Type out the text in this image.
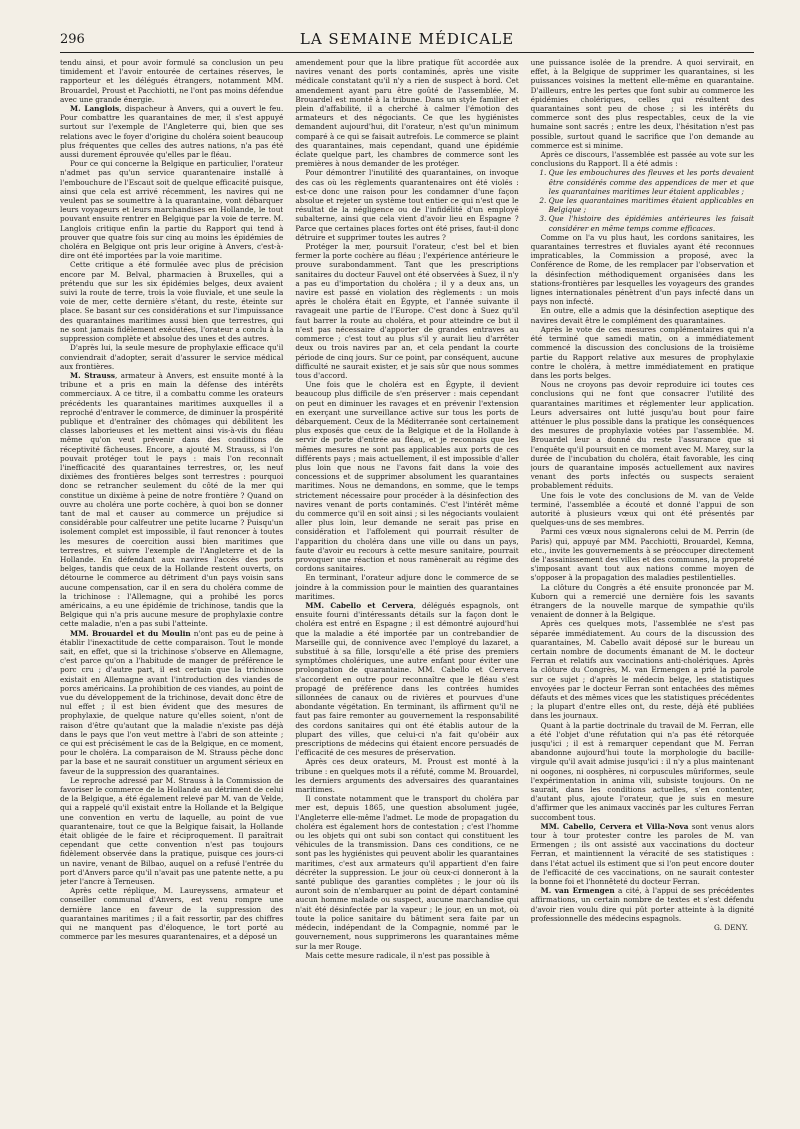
296	LA SEMAINE MÉDICALE

tendu ainsi, et pour avoir formulé sa conclusion un peu timidement et l'avoir entourée de certaines réserves, le rapporteur et les délégués étrangers, notamment MM. Brouardel, Proust et Pacchiotti, ne l'ont pas moins défendue avec une grande énergie.

M. Langlois, dispacheur à Anvers, qui a ouvert le feu. Pour combattre les quarantaines de mer, il s'est appuyé surtout sur l'exemple de l'Angleterre qui, bien que ses relations avec le foyer d'origine du choléra soient beaucoup plus fréquentes que celles des autres nations, n'a pas été aussi durement éprouvée qu'elles par le fléau.

Pour ce qui concerne la Belgique en particulier, l'orateur n'admet pas qu'un service quarantenaire installé à l'embouchure de l'Escaut soit de quelque efficacité puisque, ainsi que cela est arrivé récemment, les navires qui ne veulent pas se soumettre à la quarantaine, vont débarquer leurs voyageurs et leurs marchandises en Hollande, le tout pouvant ensuite rentrer en Belgique par la voie de terre. M. Langlois critique enfin la partie du Rapport qui tend à prouver que quatre fois sur cinq au moins les épidémies de choléra en Belgique ont pris leur origine à Anvers, c'est-à-dire ont été importées par la voie maritime.

Cette critique a été formulée avec plus de précision encore par M. Belval, pharmacien à Bruxelles, qui a prétendu que sur les six épidémies belges, deux avaient suivi la route de terre, trois la voie fluviale, et une seule la voie de mer, cette dernière s'étant, du reste, éteinte sur place. Se basant sur ces considérations et sur l'impuissance des quarantaines maritimes aussi bien que terrestres, qui ne sont jamais fidèlement exécutées, l'orateur a conclu à la suppression complète et absolue des unes et des autres.

D'après lui, la seule mesure de prophylaxie efficace qu'il conviendrait d'adopter, serait d'assurer le service médical aux frontières.

M. Strauss, armateur à Anvers, est ensuite monté à la tribune et a pris en main la défense des intérêts commerciaux. A ce titre, il a combattu comme les orateurs précédents les quarantaines maritimes auxquelles il a reproché d'entraver le commerce, de diminuer la prospérité publique et d'entraîner des chômages qui débilitent les classes laborieuses et les mettent ainsi vis-à-vis du fléau même qu'on veut prévenir dans des conditions de réceptivité fâcheuses. Encore, a ajouté M. Strauss, si l'on pouvait protéger tout le pays : mais l'on reconnaît l'inefficacité des quarantaines terrestres, or, les neuf dixièmes des frontières belges sont terrestres : pourquoi donc se retrancher seulement du côté de la mer qui constitue un dixième à peine de notre frontière ? Quand on ouvre au choléra une porte cochère, à quoi bon se donner tant de mal et causer au commerce un préjudice si considérable pour calfeutrer une petite lucarne ? Puisqu'un isolement complet est impossible, il faut renoncer à toutes les mesures de coercition aussi bien maritimes que terrestres, et suivre l'exemple de l'Angleterre et de la Hollande. En défendant aux navires l'accès des ports belges, tandis que ceux de la Hollande restent ouverts, on détourne le commerce au détriment d'un pays voisin sans aucune compensation, car il en sera du choléra comme de la trichinose : l'Allemagne, qui a prohibé les porcs américains, a eu une épidémie de trichinose, tandis que la Belgique qui n'a pris aucune mesure de prophylaxie contre cette maladie, n'en a pas subi l'atteinte.

MM. Brouardel et du Moulin n'ont pas eu de peine à établir l'inexactitude de cette comparaison. Tout le monde sait, en effet, que si la trichinose s'observe en Allemagne, c'est parce qu'on a l'habitude de manger de préférence le porc cru ; d'autre part, il est certain que la trichinose existait en Allemagne avant l'introduction des viandes de porcs américains. La prohibition de ces viandes, au point de vue du développement de la trichinose, devait donc être de nul effet ; il est bien évident que des mesures de prophylaxie, de quelque nature qu'elles soient, n'ont de raison d'être qu'autant que la maladie n'existe pas déjà dans le pays que l'on veut mettre à l'abri de son atteinte ; ce qui est précisément le cas de la Belgique, en ce moment, pour le choléra. La comparaison de M. Strauss pèche donc par la base et ne saurait constituer un argument sérieux en faveur de la suppression des quarantaines.

Le reproche adressé par M. Strauss à la Commission de favoriser le commerce de la Hollande au détriment de celui de la Belgique, a été également relevé par M. van de Velde, qui a rappelé qu'il existait entre la Hollande et la Belgique une convention en vertu de laquelle, au point de vue quarantenaire, tout ce que la Belgique faisait, la Hollande était obligée de le faire et réciproquement. Il paraîtrait cependant que cette convention n'est pas toujours fidèlement observée dans la pratique, puisque ces jours-ci un navire, venant de Bilbao, auquel on a refusé l'entrée du port d'Anvers parce qu'il n'avait pas une patente nette, a pu jeter l'ancre à Terneusen.

Après cette réplique, M. Laureyssens, armateur et conseiller communal d'Anvers, est venu rompre une dernière lance en faveur de la suppression des quarantaines maritimes ; il a fait ressortir, par des chiffres qui ne manquent pas d'éloquence, le tort porté au commerce par les mesures quarantenaires, et a déposé un

amendement pour que la libre pratique fût accordée aux navires venant des ports contaminés, après une visite médicale constatant qu'il n'y a rien de suspect à bord. Cet amendement ayant paru être goûté de l'assemblée, M. Brouardel est monté à la tribune. Dans un style familier et plein d'affabilité, il a cherché à calmer l'émotion des armateurs et des négociants. Ce que les hygiénistes demandent aujourd'hui, dit l'orateur, n'est qu'un minimum comparé à ce qui se faisait autrefois. Le commerce se plaint des quarantaines, mais cependant, quand une épidémie éclate quelque part, les chambres de commerce sont les premières à nous demander de les protéger.

Pour démontrer l'inutilité des quarantaines, on invoque des cas où les règlements quarantenaires ont été violés : est-ce donc une raison pour les condamner d'une façon absolue et rejeter un système tout entier ce qui n'est que le résultat de la négligence ou de l'infidélité d'un employé subalterne, ainsi que cela vient d'avoir lieu en Espagne ? Parce que certaines places fortes ont été prises, faut-il donc détruire et supprimer toutes les autres ?

Protéger la mer, poursuit l'orateur, c'est bel et bien fermer la porte cochère au fléau ; l'expérience antérieure le prouve surabondamment. Tant que les prescriptions sanitaires du docteur Fauvel ont été observées à Suez, il n'y a pas eu d'importation du choléra ; il y a deux ans, un navire est passé en violation des règlements : un mois après le choléra était en Égypte, et l'année suivante il ravageait une partie de l'Europe. C'est donc à Suez qu'il faut barrer la route au choléra, et pour atteindre ce but il n'est pas nécessaire d'apporter de grandes entraves au commerce ; c'est tout au plus s'il y aurait lieu d'arrêter deux ou trois navires par an, et cela pendant la courte période de cinq jours. Sur ce point, par conséquent, aucune difficulté ne saurait exister, et je sais sûr que nous sommes tous d'accord.

Une fois que le choléra est en Égypte, il devient beaucoup plus difficile de s'en préserver : mais cependant on peut en diminuer les ravages et en prévenir l'extension en exerçant une surveillance active sur tous les ports de débarquement. Ceux de la Méditerranée sont certainement plus exposés que ceux de la Belgique et de la Hollande à servir de porte d'entrée au fléau, et je reconnais que les mêmes mesures ne sont pas applicables aux ports de ces différents pays ; mais actuellement, il est impossible d'aller plus loin que nous ne l'avons fait dans la voie des concessions et de supprimer absolument les quarantaines maritimes. Nous ne demandons, en somme, que le temps strictement nécessaire pour procéder à la désinfection des navires venant de ports contaminés. C'est l'intérêt même du commerce qu'il en soit ainsi ; si les négociants voulaient aller plus loin, leur demande ne serait pas prise en considération et l'affolement qui pourrait résulter de l'apparition du choléra dans une ville ou dans un pays, faute d'avoir eu recours à cette mesure sanitaire, pourrait provoquer une réaction et nous ramènerait au régime des cordons sanitaires.

En terminant, l'orateur adjure donc le commerce de se joindre à la commission pour le maintien des quarantaines maritimes.

MM. Cabello et Cervera, délégués espagnols, ont ensuite fourni d'intéressants détails sur la façon dont le choléra est entré en Espagne ; il est démontré aujourd'hui que la maladie a été importée par un contrebandier de Marseille qui, de connivence avec l'employé du lazaret, a substitué à sa fille, lorsqu'elle a été prise des premiers symptômes cholériques, une autre enfant pour éviter une prolongation de quarantaine. MM. Cabello et Cervera s'accordent en outre pour reconnaître que le fléau s'est propagé de préférence dans les contrées humides sillonnées de canaux ou de rivières et pourvues d'une abondante végétation. En terminant, ils affirment qu'il ne faut pas faire remonter au gouvernement la responsabilité des cordons sanitaires qui ont été établis autour de la plupart des villes, que celui-ci n'a fait qu'obéir aux prescriptions de médecins qui étaient encore persuadés de l'efficacité de ces mesures de préservation.

Après ces deux orateurs, M. Proust est monté à la tribune : en quelques mots il a réfuté, comme M. Brouardel, les derniers arguments des adversaires des quarantaines maritimes.

Il constate notamment que le transport du choléra par mer est, depuis 1865, une question absolument jugée, l'Angleterre elle-même l'admet. Le mode de propagation du choléra est également hors de contestation ; c'est l'homme ou les objets qui ont subi son contact qui constituent les véhicules de la transmission. Dans ces conditions, ce ne sont pas les hygiénistes qui peuvent abolir les quarantaines maritimes, c'est aux armateurs qu'il appartient d'en faire décréter la suppression. Le jour où ceux-ci donneront à la santé publique des garanties complètes ; le jour où ils auront soin de n'embarquer au point de départ contaminé aucun homme malade ou suspect, aucune marchandise qui n'ait été désinfectée par la vapeur ; le jour, en un mot, où toute la police sanitaire du bâtiment sera faite par un médecin, indépendant de la Compagnie, nommé par le gouvernement, nous supprimerons les quarantaines même sur la mer Rouge.

Mais cette mesure radicale, il n'est pas possible à

une puissance isolée de la prendre. A quoi servirait, en effet, à la Belgique de supprimer les quarantaines, si les puissances voisines la mettent elle-même en quarantaine. D'ailleurs, entre les pertes que font subir au commerce les épidémies cholériques, celles qui résultent des quarantaines sont peu de chose ; si les intérêts du commerce sont des plus respectables, ceux de la vie humaine sont sacrés ; entre les deux, l'hésitation n'est pas possible, surtout quand le sacrifice que l'on demande au commerce est si minime.

Après ce discours, l'assemblée est passée au vote sur les conclusions du Rapport. Il a été admis :

1. Que les embouchures des fleuves et les ports devaient être considérés comme des appendices de mer et que les quarantaines maritimes leur étaient applicables ;
2. Que les quarantaines maritimes étaient applicables en Belgique ;
3. Que l'histoire des épidémies antérieures les faisait considérer en même temps comme efficaces.

Comme on l'a vu plus haut, les cordons sanitaires, les quarantaines terrestres et fluviales ayant été reconnues impraticables, la Commission a proposé, avec la Conférence de Rome, de les remplacer par l'observation et la désinfection méthodiquement organisées dans les stations-frontières par lesquelles les voyageurs des grandes lignes internationales pénètrent d'un pays infecté dans un pays non infecté.

En outre, elle a admis que la désinfection aseptique des navires devait être le complément des quarantaines.

Après le vote de ces mesures complémentaires qui n'a été terminé que samedi matin, on a immédiatement commencé la discussion des conclusions de la troisième partie du Rapport relative aux mesures de prophylaxie contre le choléra, à mettre immédiatement en pratique dans les ports belges.

Nous ne croyons pas devoir reproduire ici toutes ces conclusions qui ne font que consacrer l'utilité des quarantaines maritimes et réglementer leur application. Leurs adversaires ont lutté jusqu'au bout pour faire atténuer le plus possible dans la pratique les conséquences des mesures de prophylaxie votées par l'assemblée. M. Brouardel leur a donné du reste l'assurance que si l'enquête qu'il poursuit en ce moment avec M. Marey, sur la durée de l'incubation du choléra, était favorable, les cinq jours de quarantaine imposés actuellement aux navires venant des ports infectés ou suspects seraient probablement réduits.

Une fois le vote des conclusions de M. van de Velde terminé, l'assemblée a écouté et donné l'appui de son autorité à plusieurs vœux qui ont été présentés par quelques-uns de ses membres.

Parmi ces vœux nous signalerons celui de M. Perrin (de Paris) qui, appuyé par MM. Pacchiotti, Brouardel, Kemna, etc., invite les gouvernements à se préoccuper directement de l'assainissement des villes et des communes, la propreté s'imposant avant tout aux nations comme moyen de s'opposer à la propagation des maladies pestilentielles.

La clôture du Congrès a été ensuite prononcée par M. Kuborn qui a remercié une dernière fois les savants étrangers de la nouvelle marque de sympathie qu'ils venaient de donner à la Belgique.

Après ces quelques mots, l'assemblée ne s'est pas séparée immédiatement. Au cours de la discussion des quarantaines, M. Cabello avait déposé sur le bureau un certain nombre de documents émanant de M. le docteur Ferran et relatifs aux vaccinations anti-cholériques. Après la clôture du Congrès, M. van Ermengen a prié la parole sur ce sujet ; d'après le médecin belge, les statistiques envoyées par le docteur Ferran sont entachées des mêmes défauts et des mêmes vices que les statistiques précédentes ; la plupart d'entre elles ont, du reste, déjà été publiées dans les journaux.

Quant à la partie doctrinale du travail de M. Ferran, elle a été l'objet d'une réfutation qui n'a pas été rétorquée jusqu'ici ; il est à remarquer cependant que M. Ferran abandonne aujourd'hui toute la morphologie du bacille-virgule qu'il avait admise jusqu'ici : il n'y a plus maintenant ni oogones, ni oosphères, ni corpuscules mûriformes, seule l'expérimentation in anima vili, subsiste toujours. On ne saurait, dans les conditions actuelles, s'en contenter, d'autant plus, ajoute l'orateur, que je suis en mesure d'affirmer que les animaux vaccinés par les cultures Ferran succombent tous.

MM. Cabello, Cervera et Villa-Nova sont venus alors tour à tour protester contre les paroles de M. van Ermengen ; ils ont assisté aux vaccinations du docteur Ferran, et maintiennent la véracité de ses statistiques : dans l'état actuel ils estiment que si l'on peut encore douter de l'efficacité de ces vaccinations, on ne saurait contester la bonne foi et l'honnêteté du docteur Ferran.

M. van Ermengen a cité, à l'appui de ses précédentes affirmations, un certain nombre de textes et s'est défendu d'avoir rien voulu dire qui pût porter atteinte à la dignité professionnelle des médecins espagnols.

G. DENY.
